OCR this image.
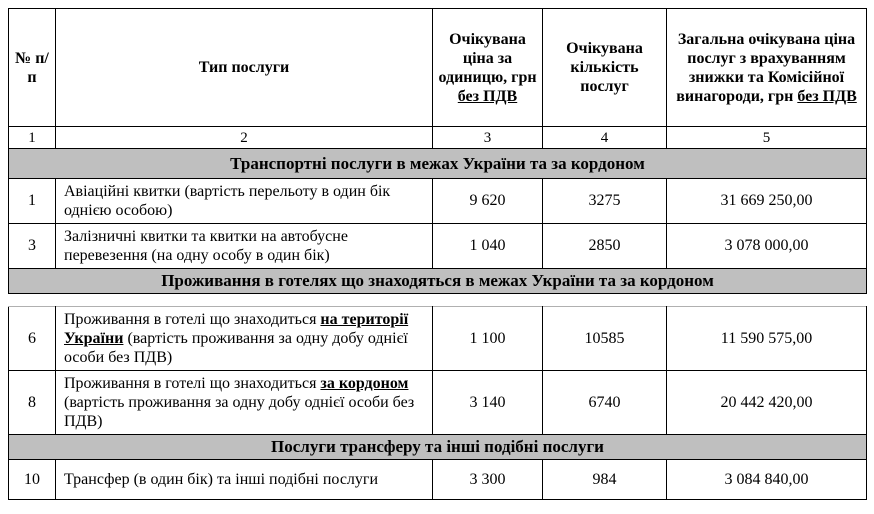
№ п/п	Тип послуги	Очікувана ціна за одиницю, грн без ПДВ	Очікувана кількість послуг	Загальна очікувана ціна послуг з врахуванням знижки та Комісійної винагороди, грн без ПДВ
1	2	3	4	5
Транспортні послуги в межах України та за кордоном				
1	Авіаційні квитки (вартість перельоту в один бік однією особою)	9 620	3275	31 669 250,00
3	Залізничні квитки та квитки на автобусне перевезення (на одну особу в один бік)	1 040	2850	3 078 000,00
Проживання в готелях що знаходяться в межах України та за кордоном				
6	Проживання в готелі що знаходиться на території України (вартість проживання за одну добу однієї особи без ПДВ)	1 100	10585	11 590 575,00
8	Проживання в готелі що знаходиться за кордоном (вартість проживання за одну добу однієї особи без ПДВ)	3 140	6740	20 442 420,00
Послуги трансферу та інші подібні послуги				
10	Трансфер (в один бік) та інші подібні послуги	3 300	984	3 084 840,00
